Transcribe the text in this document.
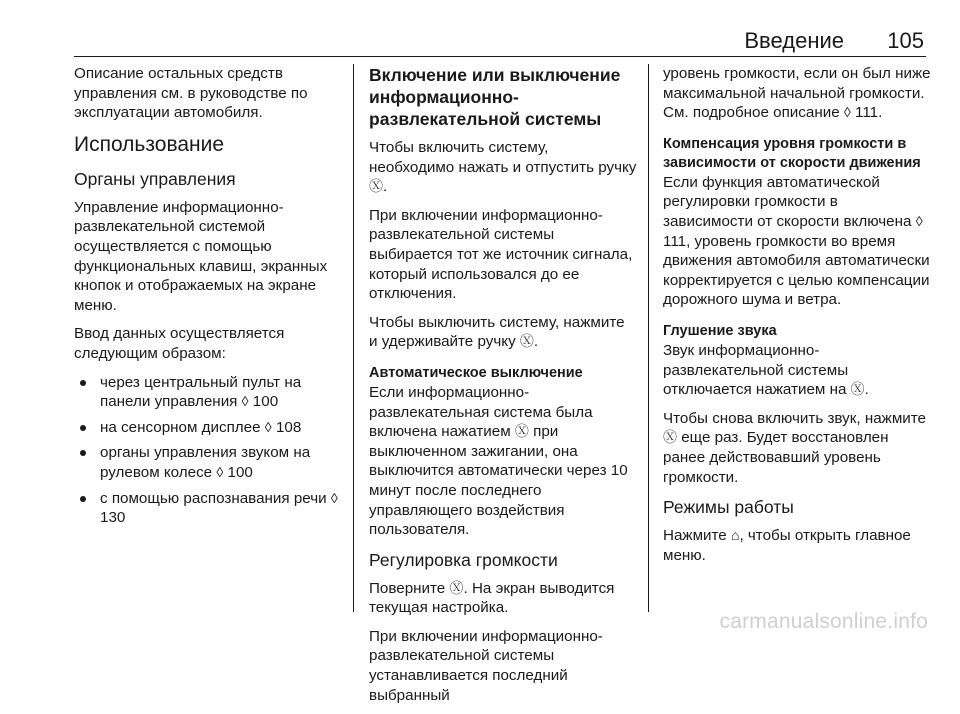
Введение 105

Описание остальных средств управления см. в руководстве по эксплуатации автомобиля.

Использование
Органы управления

Управление информационно-развлекательной системой осуществляется с помощью функциональных клавиш, экранных кнопок и отображаемых на экране меню.

Ввод данных осуществляется следующим образом:

через центральный пульт на панели управления ◊ 100
на сенсорном дисплее ◊ 108
органы управления звуком на рулевом колесе ◊ 100
с помощью распознавания речи ◊ 130
Включение или выключение информационно-развлекательной системы

Чтобы включить систему, необходимо нажать и отпустить ручку Ⓧ.

При включении информационно-развлекательной системы выбирается тот же источник сигнала, который использовался до ее отключения.

Чтобы выключить систему, нажмите и удерживайте ручку Ⓧ.

Автоматическое выключение

Если информационно-развлекательная система была включена нажатием Ⓧ при выключенном зажигании, она выключится автоматически через 10 минут после последнего управляющего воздействия пользователя.

Регулировка громкости

Поверните Ⓧ. На экран выводится текущая настройка.

При включении информационно-развлекательной системы устанавливается последний выбранный

уровень громкости, если он был ниже максимальной начальной громкости. См. подробное описание ◊ 111.

Компенсация уровня громкости в зависимости от скорости движения

Если функция автоматической регулировки громкости в зависимости от скорости включена ◊ 111, уровень громкости во время движения автомобиля автоматически корректируется с целью компенсации дорожного шума и ветра.

Глушение звука

Звук информационно-развлекательной системы отключается нажатием на Ⓧ.

Чтобы снова включить звук, нажмите Ⓧ еще раз. Будет восстановлен ранее действовавший уровень громкости.

Режимы работы

Нажмите ⌂, чтобы открыть главное меню.

carmanualsonline.info
